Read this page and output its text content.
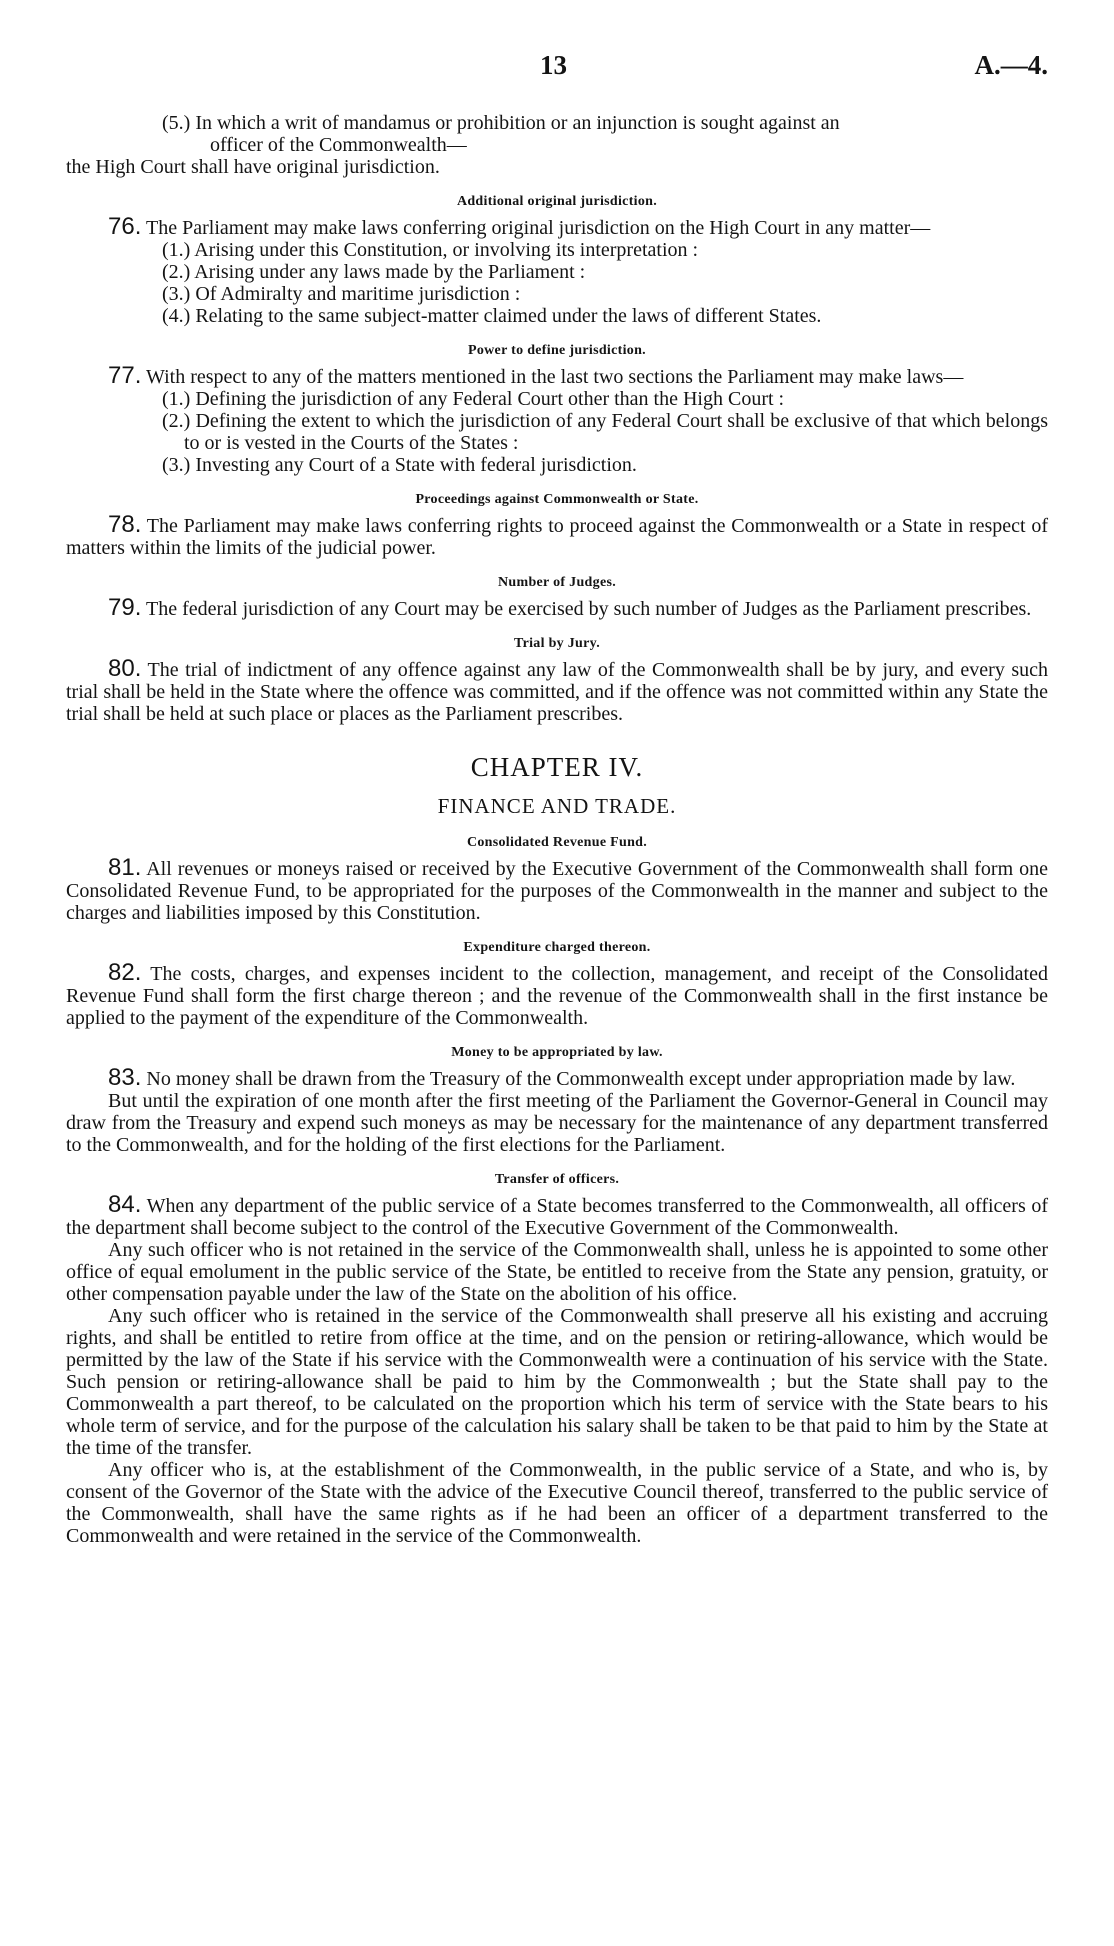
13	A.—4.

(5.) In which a writ of mandamus or prohibition or an injunction is sought against an
officer of the Commonwealth—

the High Court shall have original jurisdiction.

Additional original jurisdiction.

76. The Parliament may make laws conferring original jurisdiction on the High Court in any matter—

(1.) Arising under this Constitution, or involving its interpretation :

(2.) Arising under any laws made by the Parliament :

(3.) Of Admiralty and maritime jurisdiction :

(4.) Relating to the same subject-matter claimed under the laws of different States.

Power to define jurisdiction.

77. With respect to any of the matters mentioned in the last two sections the Parliament may make laws—

(1.) Defining the jurisdiction of any Federal Court other than the High Court :

(2.) Defining the extent to which the jurisdiction of any Federal Court shall be exclusive of that which belongs to or is vested in the Courts of the States :

(3.) Investing any Court of a State with federal jurisdiction.

Proceedings against Commonwealth or State.

78. The Parliament may make laws conferring rights to proceed against the Commonwealth or a State in respect of matters within the limits of the judicial power.

Number of Judges.

79. The federal jurisdiction of any Court may be exercised by such number of Judges as the Parliament prescribes.

Trial by Jury.

80. The trial of indictment of any offence against any law of the Commonwealth shall be by jury, and every such trial shall be held in the State where the offence was committed, and if the offence was not committed within any State the trial shall be held at such place or places as the Parliament prescribes.

CHAPTER IV.
FINANCE AND TRADE.
Consolidated Revenue Fund.

81. All revenues or moneys raised or received by the Executive Government of the Commonwealth shall form one Consolidated Revenue Fund, to be appropriated for the purposes of the Commonwealth in the manner and subject to the charges and liabilities imposed by this Constitution.

Expenditure charged thereon.

82. The costs, charges, and expenses incident to the collection, management, and receipt of the Consolidated Revenue Fund shall form the first charge thereon ; and the revenue of the Commonwealth shall in the first instance be applied to the payment of the expenditure of the Commonwealth.

Money to be appropriated by law.

83. No money shall be drawn from the Treasury of the Commonwealth except under appropriation made by law.

But until the expiration of one month after the first meeting of the Parliament the Governor-General in Council may draw from the Treasury and expend such moneys as may be necessary for the maintenance of any department transferred to the Commonwealth, and for the holding of the first elections for the Parliament.

Transfer of officers.

84. When any department of the public service of a State becomes transferred to the Commonwealth, all officers of the department shall become subject to the control of the Executive Government of the Commonwealth.

Any such officer who is not retained in the service of the Commonwealth shall, unless he is appointed to some other office of equal emolument in the public service of the State, be entitled to receive from the State any pension, gratuity, or other compensation payable under the law of the State on the abolition of his office.

Any such officer who is retained in the service of the Commonwealth shall preserve all his existing and accruing rights, and shall be entitled to retire from office at the time, and on the pension or retiring-allowance, which would be permitted by the law of the State if his service with the Commonwealth were a continuation of his service with the State. Such pension or retiring-allowance shall be paid to him by the Commonwealth ; but the State shall pay to the Commonwealth a part thereof, to be calculated on the proportion which his term of service with the State bears to his whole term of service, and for the purpose of the calculation his salary shall be taken to be that paid to him by the State at the time of the transfer.

Any officer who is, at the establishment of the Commonwealth, in the public service of a State, and who is, by consent of the Governor of the State with the advice of the Executive Council thereof, transferred to the public service of the Commonwealth, shall have the same rights as if he had been an officer of a department transferred to the Commonwealth and were retained in the service of the Commonwealth.
